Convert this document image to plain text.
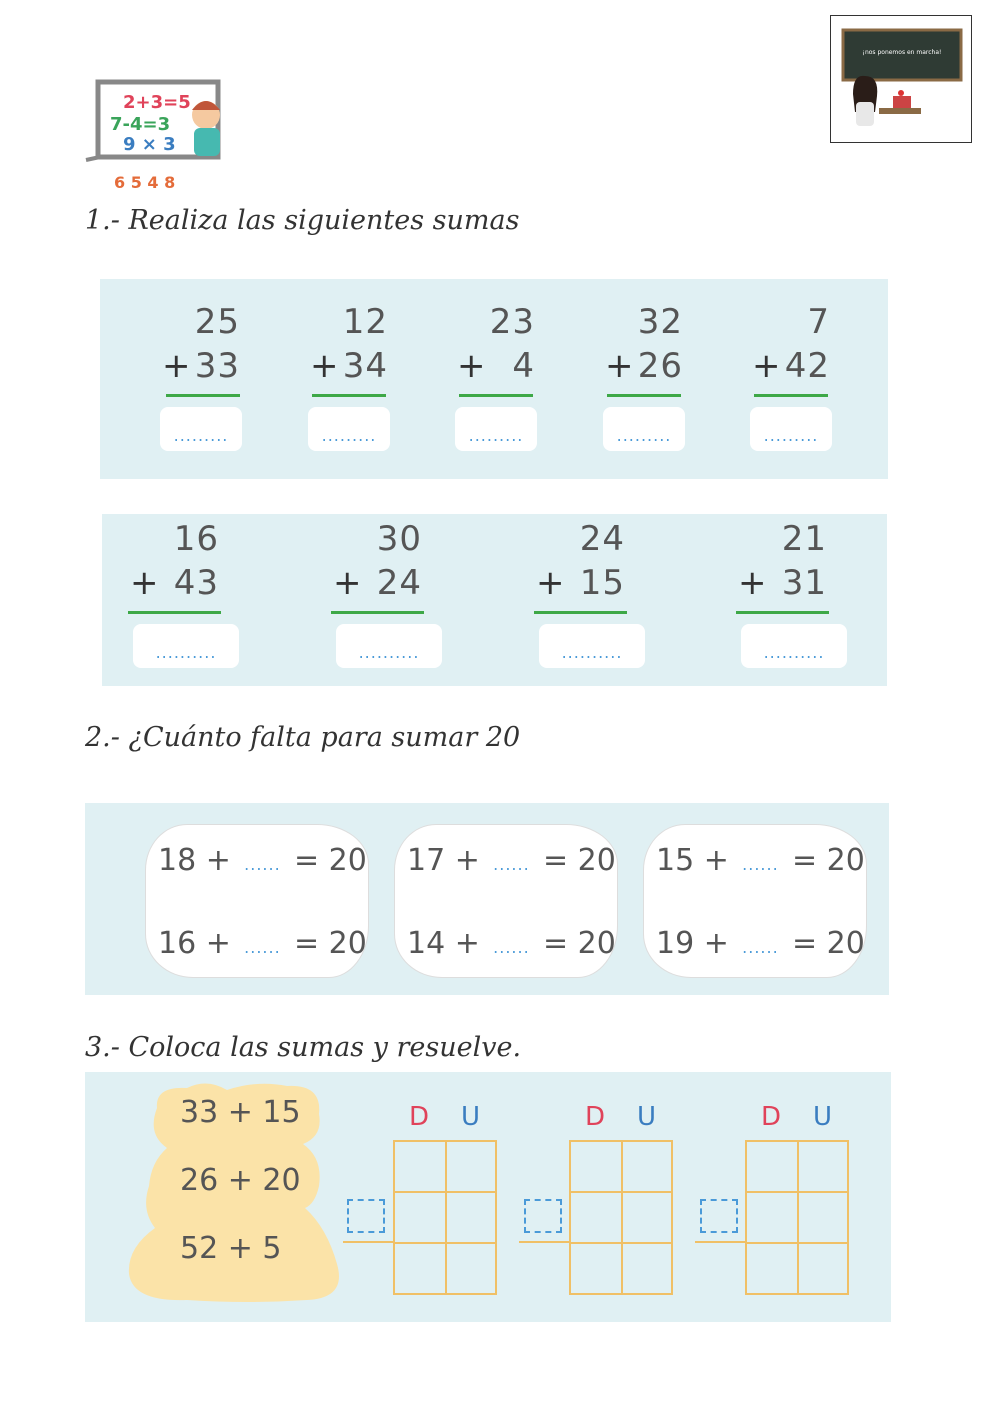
2+3=5
7-4=3
9 × 3
6 5 4 8
¡nos ponemos en marcha!
1.- Realiza las siguientes sumas
25
+ 33
.........
12
+ 34
.........
23
+ 4
.........
32
+ 26
.........
7
+ 42
.........
16
+ 43
..........
30
+ 24
..........
24
+ 15
..........
21
+ 31
..........
2.- ¿Cuánto falta para sumar 20
18 + ...... = 20
16 + ...... = 20
17 + ...... = 20
14 + ...... = 20
15 + ...... = 20
19 + ...... = 20
3.- Coloca las sumas y resuelve.
33 + 15
26 + 20
52 + 5
D U	D U	D U
